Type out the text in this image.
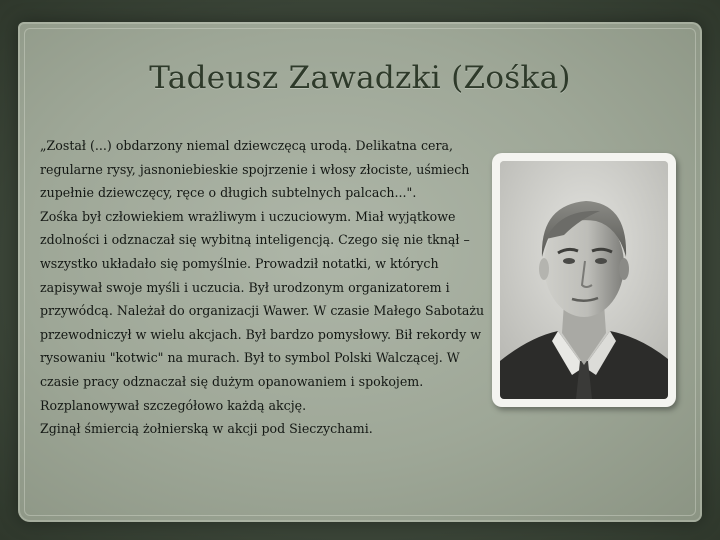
Tadeusz Zawadzki (Zośka)
„Został (...) obdarzony niemal dziewczęcą urodą. Delikatna cera,
regularne rysy, jasnoniebieskie spojrzenie i włosy złociste, uśmiech
zupełnie dziewczęcy, ręce o długich subtelnych palcach...".
Zośka był człowiekiem wrażliwym i uczuciowym. Miał wyjątkowe
zdolności i odznaczał się wybitną inteligencją. Czego się nie tknął –
wszystko układało się pomyślnie. Prowadził notatki, w których
zapisywał swoje myśli i uczucia. Był urodzonym organizatorem i
przywódcą. Należał do organizacji Wawer. W czasie Małego Sabotażu
przewodniczył w wielu akcjach. Był bardzo pomysłowy. Bił rekordy w
rysowaniu "kotwic" na murach. Był to symbol Polski Walczącej. W
czasie pracy odznaczał się dużym opanowaniem i spokojem.
Rozplanowywał szczegółowo każdą akcję.
Zginął śmiercią żołnierską w akcji pod Sieczychami.
